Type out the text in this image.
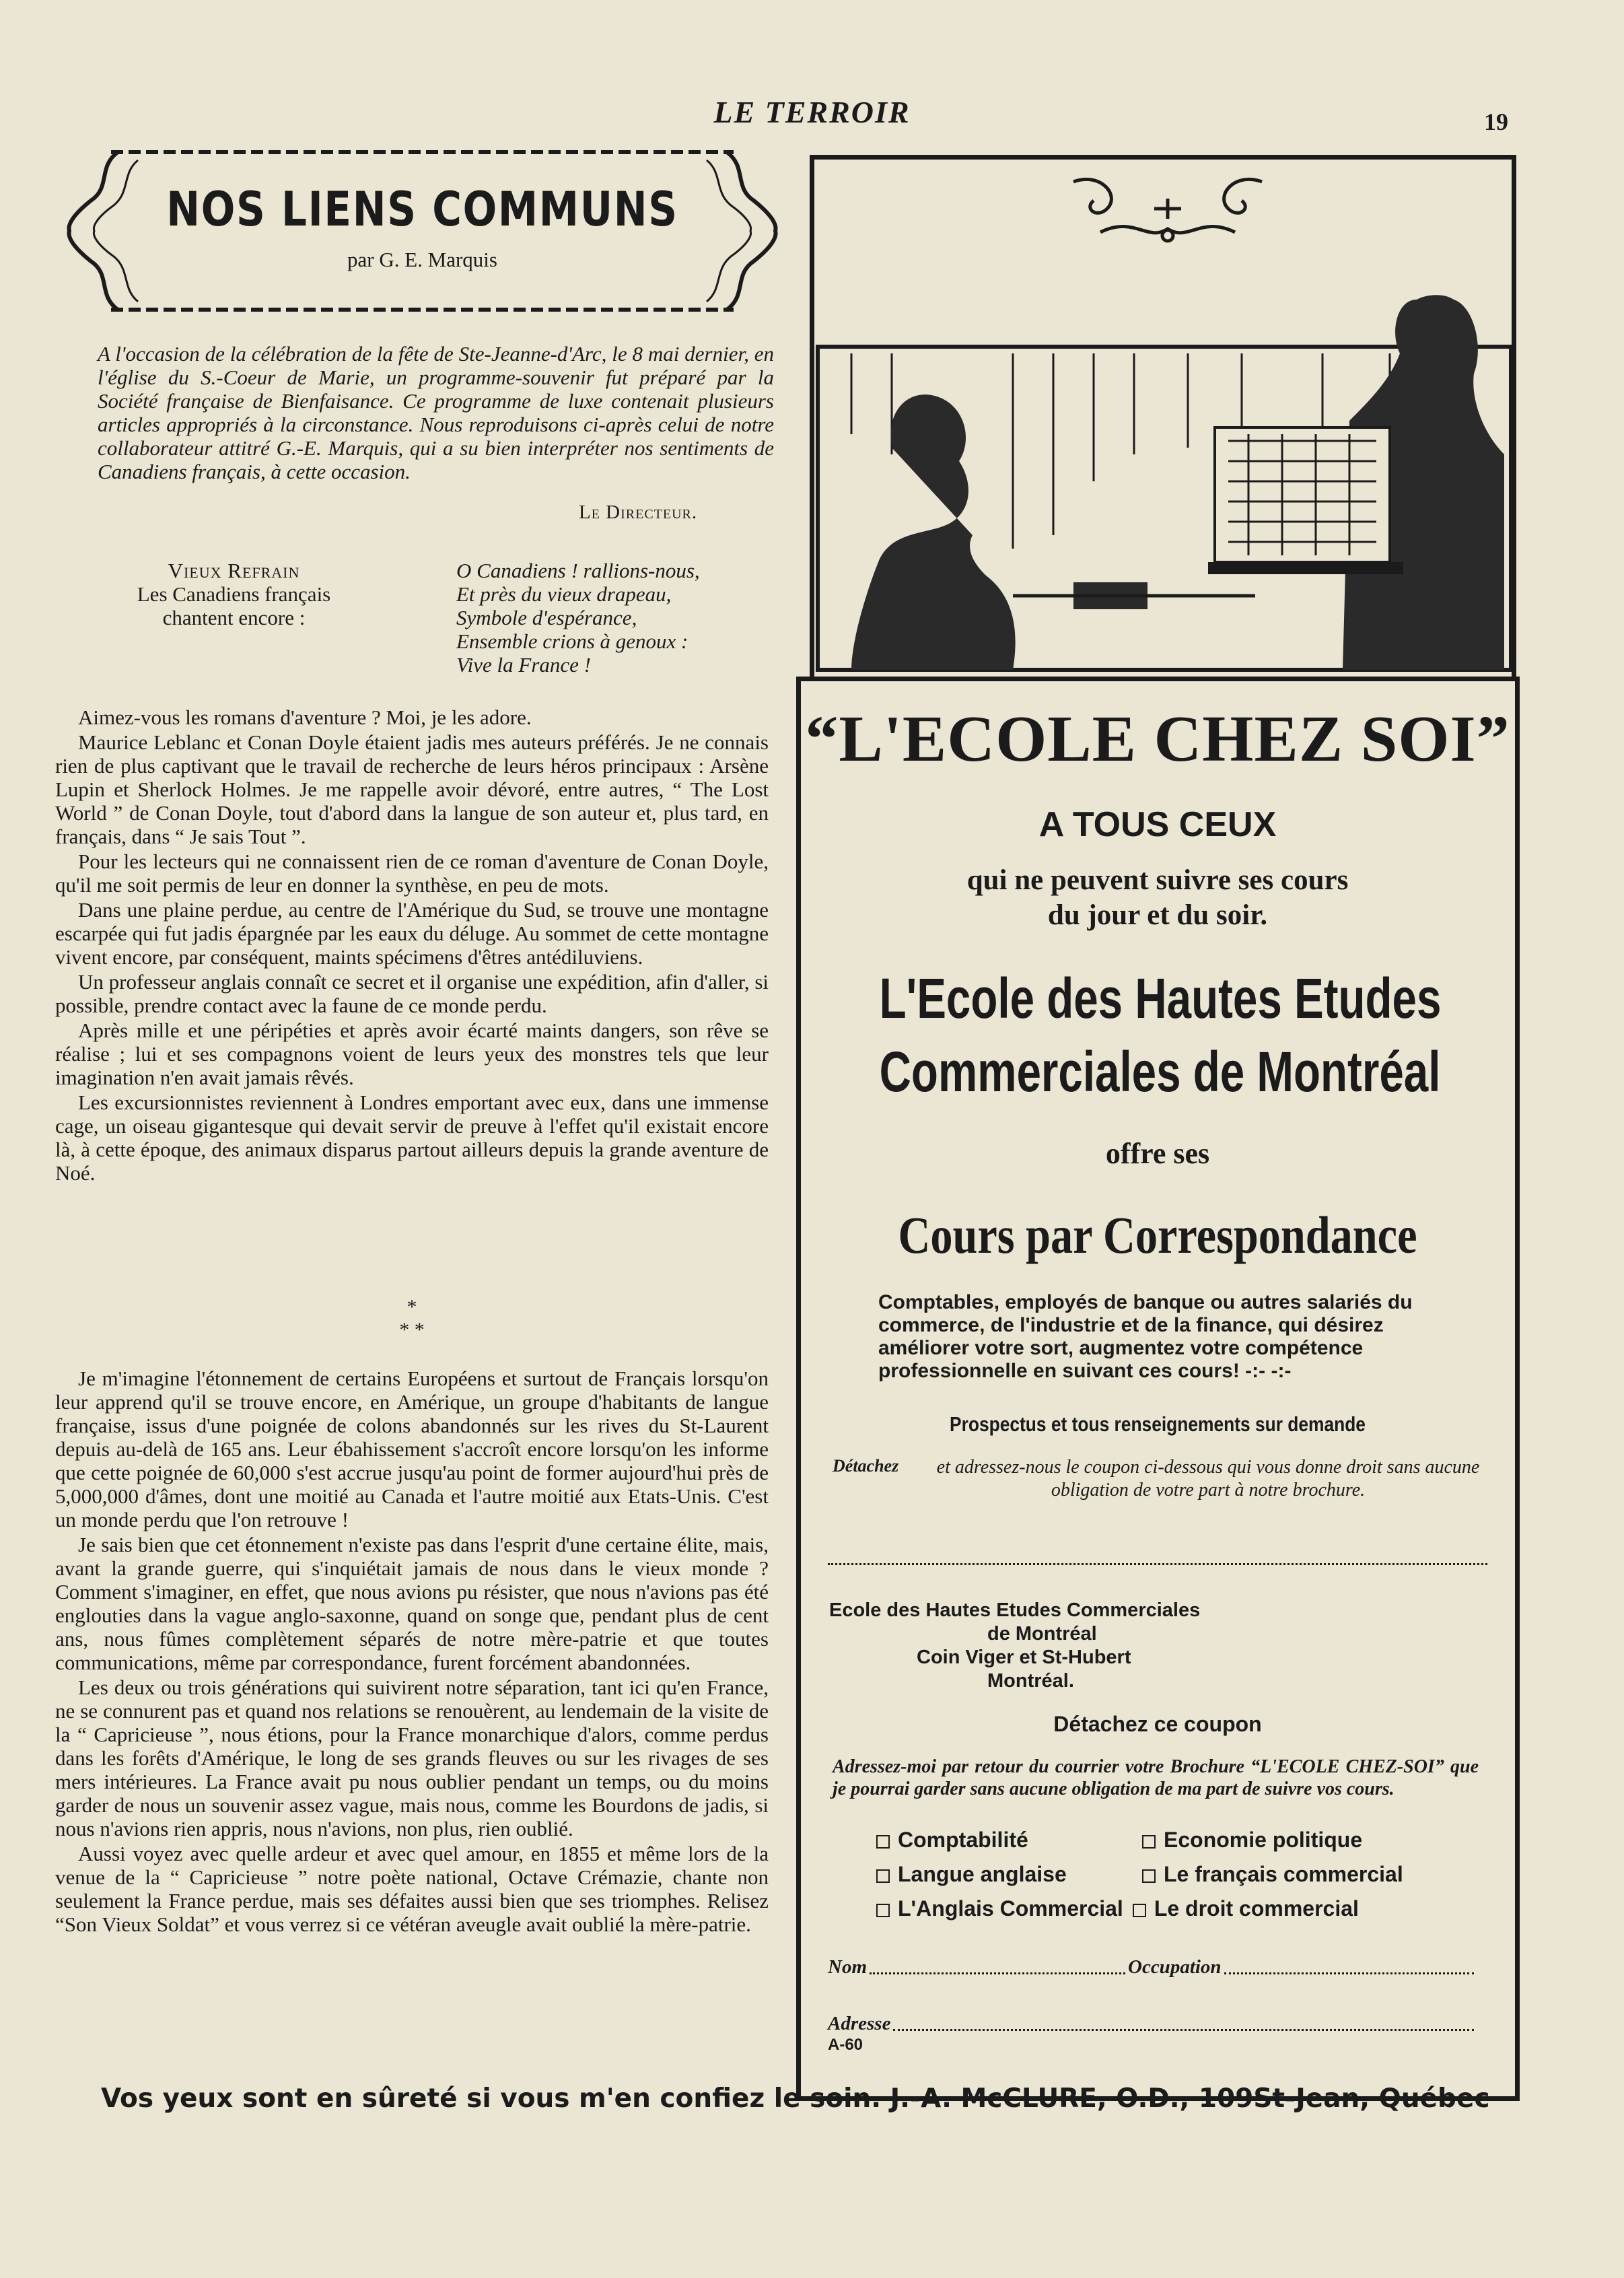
LE TERROIR	19
NOS LIENS COMMUNS
par G. E. Marquis
A l'occasion de la célébration de la fête de Ste-Jeanne-d'Arc, le 8 mai dernier, en l'église du S.-Coeur de Marie, un programme-souvenir fut préparé par la Société française de Bienfaisance. Ce programme de luxe contenait plusieurs articles appropriés à la circonstance. Nous reproduisons ci-après celui de notre collaborateur attitré G.-E. Marquis, qui a su bien interpréter nos sentiments de Canadiens français, à cette occasion.
Le Directeur.
Vieux Refrain
Les Canadiens français
chantent encore :
O Canadiens ! rallions-nous,
Et près du vieux drapeau,
Symbole d'espérance,
Ensemble crions à genoux :
Vive la France !

Aimez-vous les romans d'aventure ? Moi, je les adore.

Maurice Leblanc et Conan Doyle étaient jadis mes auteurs préférés. Je ne connais rien de plus captivant que le travail de recherche de leurs héros principaux : Arsène Lupin et Sherlock Holmes. Je me rappelle avoir dévoré, entre autres, “ The Lost World ” de Conan Doyle, tout d'abord dans la langue de son auteur et, plus tard, en français, dans “ Je sais Tout ”.

Pour les lecteurs qui ne connaissent rien de ce roman d'aventure de Conan Doyle, qu'il me soit permis de leur en donner la synthèse, en peu de mots.

Dans une plaine perdue, au centre de l'Amérique du Sud, se trouve une montagne escarpée qui fut jadis épargnée par les eaux du déluge. Au sommet de cette montagne vivent encore, par conséquent, maints spécimens d'êtres antédiluviens.

Un professeur anglais connaît ce secret et il organise une expédition, afin d'aller, si possible, prendre contact avec la faune de ce monde perdu.

Après mille et une péripéties et après avoir écarté maints dangers, son rêve se réalise ; lui et ses compagnons voient de leurs yeux des monstres tels que leur imagination n'en avait jamais rêvés.

Les excursionnistes reviennent à Londres emportant avec eux, dans une immense cage, un oiseau gigantesque qui devait servir de preuve à l'effet qu'il existait encore là, à cette époque, des animaux disparus partout ailleurs depuis la grande aventure de Noé.

*
* *

Je m'imagine l'étonnement de certains Européens et surtout de Français lorsqu'on leur apprend qu'il se trouve encore, en Amérique, un groupe d'habitants de langue française, issus d'une poignée de colons abandonnés sur les rives du St-Laurent depuis au-delà de 165 ans. Leur ébahissement s'accroît encore lorsqu'on les informe que cette poignée de 60,000 s'est accrue jusqu'au point de former aujourd'hui près de 5,000,000 d'âmes, dont une moitié au Canada et l'autre moitié aux Etats-Unis. C'est un monde perdu que l'on retrouve !

Je sais bien que cet étonnement n'existe pas dans l'esprit d'une certaine élite, mais, avant la grande guerre, qui s'inquiétait jamais de nous dans le vieux monde ? Comment s'imaginer, en effet, que nous avions pu résister, que nous n'avions pas été englouties dans la vague anglo-saxonne, quand on songe que, pendant plus de cent ans, nous fûmes complètement séparés de notre mère-patrie et que toutes communications, même par correspondance, furent forcément abandonnées.

Les deux ou trois générations qui suivirent notre séparation, tant ici qu'en France, ne se connurent pas et quand nos relations se renouèrent, au lendemain de la visite de la “ Capricieuse ”, nous étions, pour la France monarchique d'alors, comme perdus dans les forêts d'Amérique, le long de ses grands fleuves ou sur les rivages de ses mers intérieures. La France avait pu nous oublier pendant un temps, ou du moins garder de nous un souvenir assez vague, mais nous, comme les Bourdons de jadis, si nous n'avions rien appris, nous n'avions, non plus, rien oublié.

Aussi voyez avec quelle ardeur et avec quel amour, en 1855 et même lors de la venue de la “ Capricieuse ” notre poète national, Octave Crémazie, chante non seulement la France perdue, mais ses défaites aussi bien que ses triomphes. Relisez “Son Vieux Soldat” et vous verrez si ce vétéran aveugle avait oublié la mère-patrie.

“L'ECOLE CHEZ SOI”
A TOUS CEUX
qui ne peuvent suivre ses cours
du jour et du soir.
L'Ecole des Hautes Etudes
Commerciales de Montréal
offre ses
Cours par Correspondance
Comptables, employés de banque ou autres salariés du commerce, de l'industrie et de la finance, qui désirez améliorer votre sort, augmentez votre compétence professionnelle en suivant ces cours! -:- -:-
Prospectus et tous renseignements sur demande
Détachez et adressez-nous le coupon ci-dessous qui vous donne droit sans aucune obligation de votre part à notre brochure.
Ecole des Hautes Etudes Commerciales
de Montréal
Coin Viger et St-Hubert
Montréal.
Détachez ce coupon
Adressez-moi par retour du courrier votre Brochure “L'ECOLE CHEZ-SOI” que je pourrai garder sans aucune obligation de ma part de suivre vos cours.
Comptabilité	Economie politique
Langue anglaise	Le français commercial
L'Anglais Commercial	Le droit commercial
Nom	Occupation
Adresse
A-60
Vos yeux sont en sûreté si vous m'en confiez le soin. J.-A. McCLURE, O.D., 109St-Jean, Québec
